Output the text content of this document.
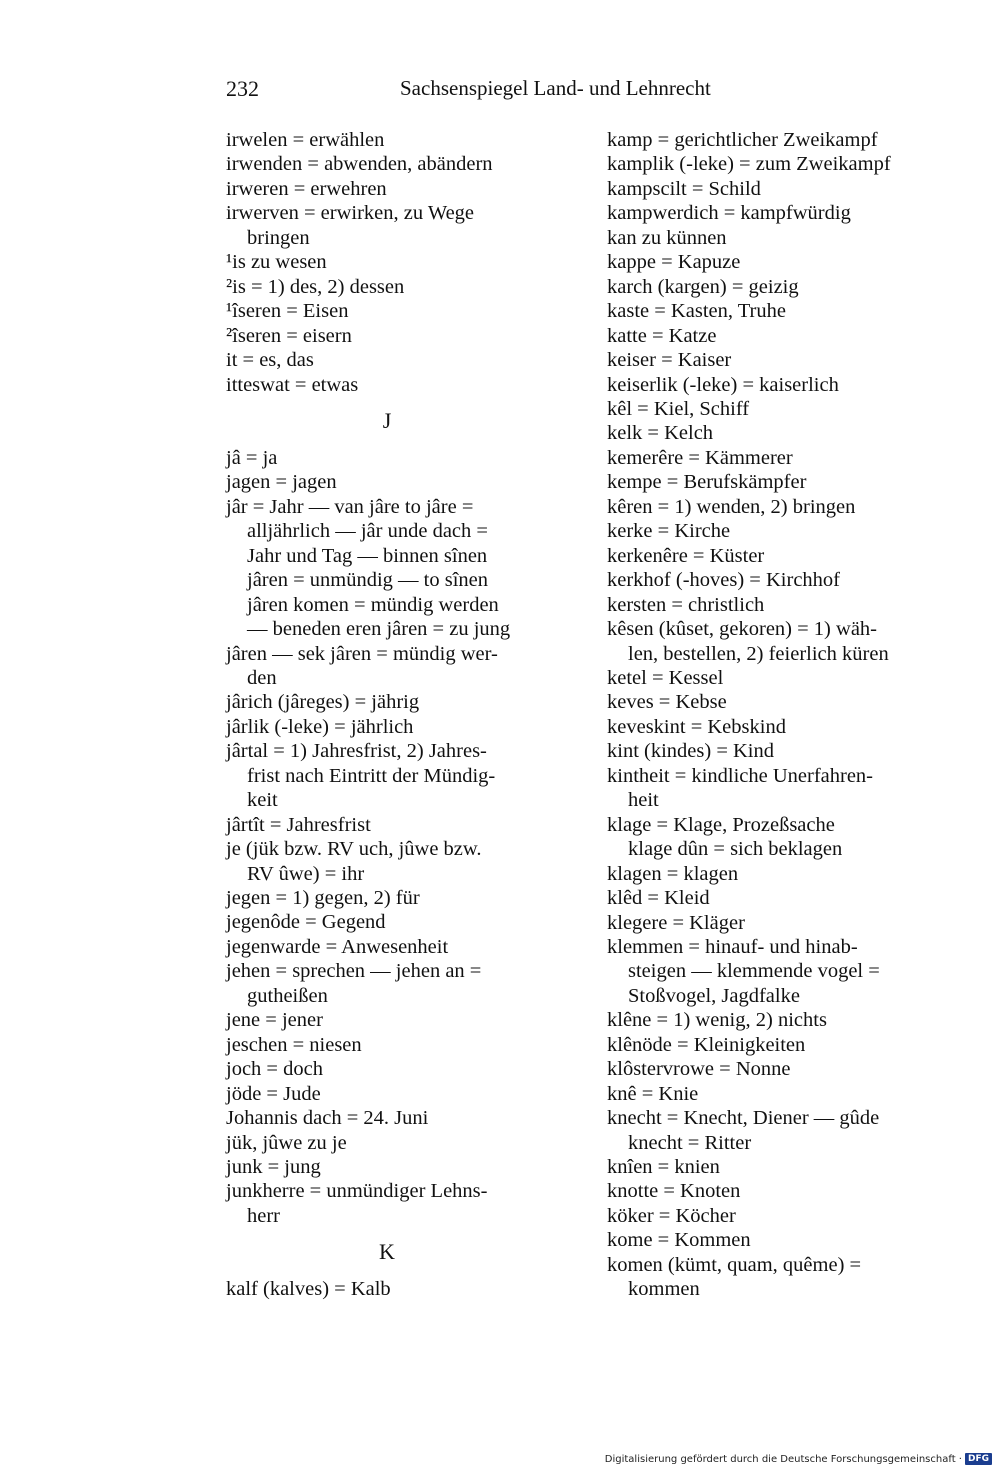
232	Sachsenspiegel Land- und Lehnrecht
irwelen = erwählen
irwenden = abwenden, abändern
irweren = erwehren
irwerven = erwirken, zu Wege
bringen
¹is zu wesen
²is = 1) des, 2) dessen
¹îseren = Eisen
²îseren = eisern
it = es, das
itteswat = etwas
J
jâ = ja
jagen = jagen
jâr = Jahr — van jâre to jâre =
alljährlich — jâr unde dach =
Jahr und Tag — binnen sînen
jâren = unmündig — to sînen
jâren komen = mündig werden
— beneden eren jâren = zu jung
jâren — sek jâren = mündig wer-
den
jârich (jâreges) = jährig
jârlik (-leke) = jährlich
jârtal = 1) Jahresfrist, 2) Jahres-
frist nach Eintritt der Mündig-
keit
jârtît = Jahresfrist
je (jük bzw. RV uch, jûwe bzw.
RV ûwe) = ihr
jegen = 1) gegen, 2) für
jegenôde = Gegend
jegenwarde = Anwesenheit
jehen = sprechen — jehen an =
gutheißen
jene = jener
jeschen = niesen
joch = doch
jöde = Jude
Johannis dach = 24. Juni
jük, jûwe zu je
junk = jung
junkherre = unmündiger Lehns-
herr
K
kalf (kalves) = Kalb
kamp = gerichtlicher Zweikampf
kamplik (-leke) = zum Zweikampf
kampscilt = Schild
kampwerdich = kampfwürdig
kan zu künnen
kappe = Kapuze
karch (kargen) = geizig
kaste = Kasten, Truhe
katte = Katze
keiser = Kaiser
keiserlik (-leke) = kaiserlich
kêl = Kiel, Schiff
kelk = Kelch
kemerêre = Kämmerer
kempe = Berufskämpfer
kêren = 1) wenden, 2) bringen
kerke = Kirche
kerkenêre = Küster
kerkhof (-hoves) = Kirchhof
kersten = christlich
kêsen (kûset, gekoren) = 1) wäh-
len, bestellen, 2) feierlich küren
ketel = Kessel
keves = Kebse
keveskint = Kebskind
kint (kindes) = Kind
kintheit = kindliche Unerfahren-
heit
klage = Klage, Prozeßsache
klage dûn = sich beklagen
klagen = klagen
klêd = Kleid
klegere = Kläger
klemmen = hinauf- und hinab-
steigen — klemmende vogel =
Stoßvogel, Jagdfalke
klêne = 1) wenig, 2) nichts
klênöde = Kleinigkeiten
klôstervrowe = Nonne
knê = Knie
knecht = Knecht, Diener — gûde
knecht = Ritter
knîen = knien
knotte = Knoten
köker = Köcher
kome = Kommen
komen (kümt, quam, quême) =
kommen
Digitalisierung gefördert durch die Deutsche Forschungsgemeinschaft · DFG
